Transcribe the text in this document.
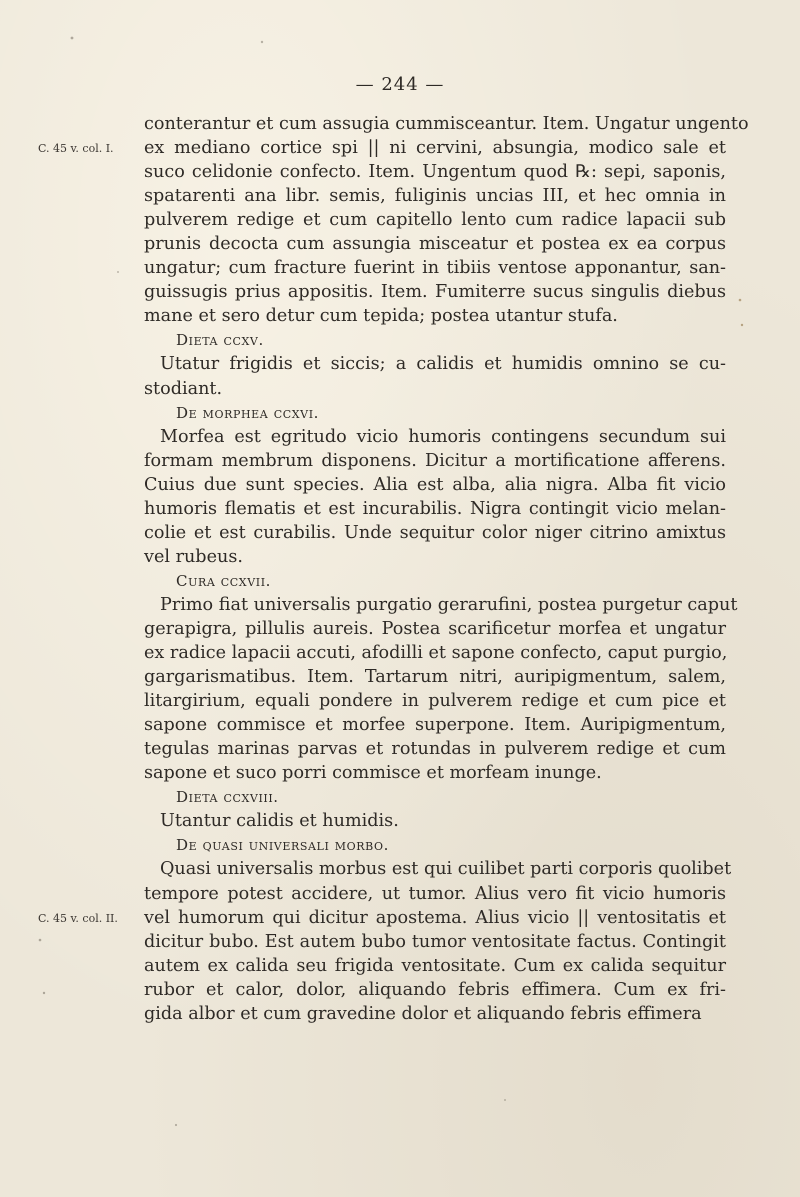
— 244 —
conterantur et cum assugia cummisceantur. Item. Ungatur ungento
C. 45 v. col. I. ex mediano cortice spi || ni cervini, absungia, modico sale et
suco celidonie confecto. Item. Ungentum quod ℞: sepi, saponis,
spatarenti ana libr. semis, fuliginis uncias III, et hec omnia in
pulverem redige et cum capitello lento cum radice lapacii sub
prunis decocta cum assungia misceatur et postea ex ea corpus
ungatur; cum fracture fuerint in tibiis ventose apponantur, san-
guissugis prius appositis. Item. Fumiterre sucus singulis diebus
mane et sero detur cum tepida; postea utantur stufa.
Dieta ccxv.
Utatur frigidis et siccis; a calidis et humidis omnino se cu-
stodiant.
De morphea ccxvi.
Morfea est egritudo vicio humoris contingens secundum sui
formam membrum disponens. Dicitur a mortificatione afferens.
Cuius due sunt species. Alia est alba, alia nigra. Alba fit vicio
humoris flematis et est incurabilis. Nigra contingit vicio melan-
colie et est curabilis. Unde sequitur color niger citrino amixtus
vel rubeus.
Cura ccxvii.
Primo fiat universalis purgatio gerarufini, postea purgetur caput
gerapigra, pillulis aureis. Postea scarificetur morfea et ungatur
ex radice lapacii accuti, afodilli et sapone confecto, caput purgio,
gargarismatibus. Item. Tartarum nitri, auripigmentum, salem,
litargirium, equali pondere in pulverem redige et cum pice et
sapone commisce et morfee superpone. Item. Auripigmentum,
tegulas marinas parvas et rotundas in pulverem redige et cum
sapone et suco porri commisce et morfeam inunge.
Dieta ccxviii.
Utantur calidis et humidis.
De quasi universali morbo.
Quasi universalis morbus est qui cuilibet parti corporis quolibet
tempore potest accidere, ut tumor. Alius vero fit vicio humoris
C. 45 v. col. II. vel humorum qui dicitur apostema. Alius vicio || ventositatis et
dicitur bubo. Est autem bubo tumor ventositate factus. Contingit
autem ex calida seu frigida ventositate. Cum ex calida sequitur
rubor et calor, dolor, aliquando febris effimera. Cum ex fri-
gida albor et cum gravedine dolor et aliquando febris effimera
